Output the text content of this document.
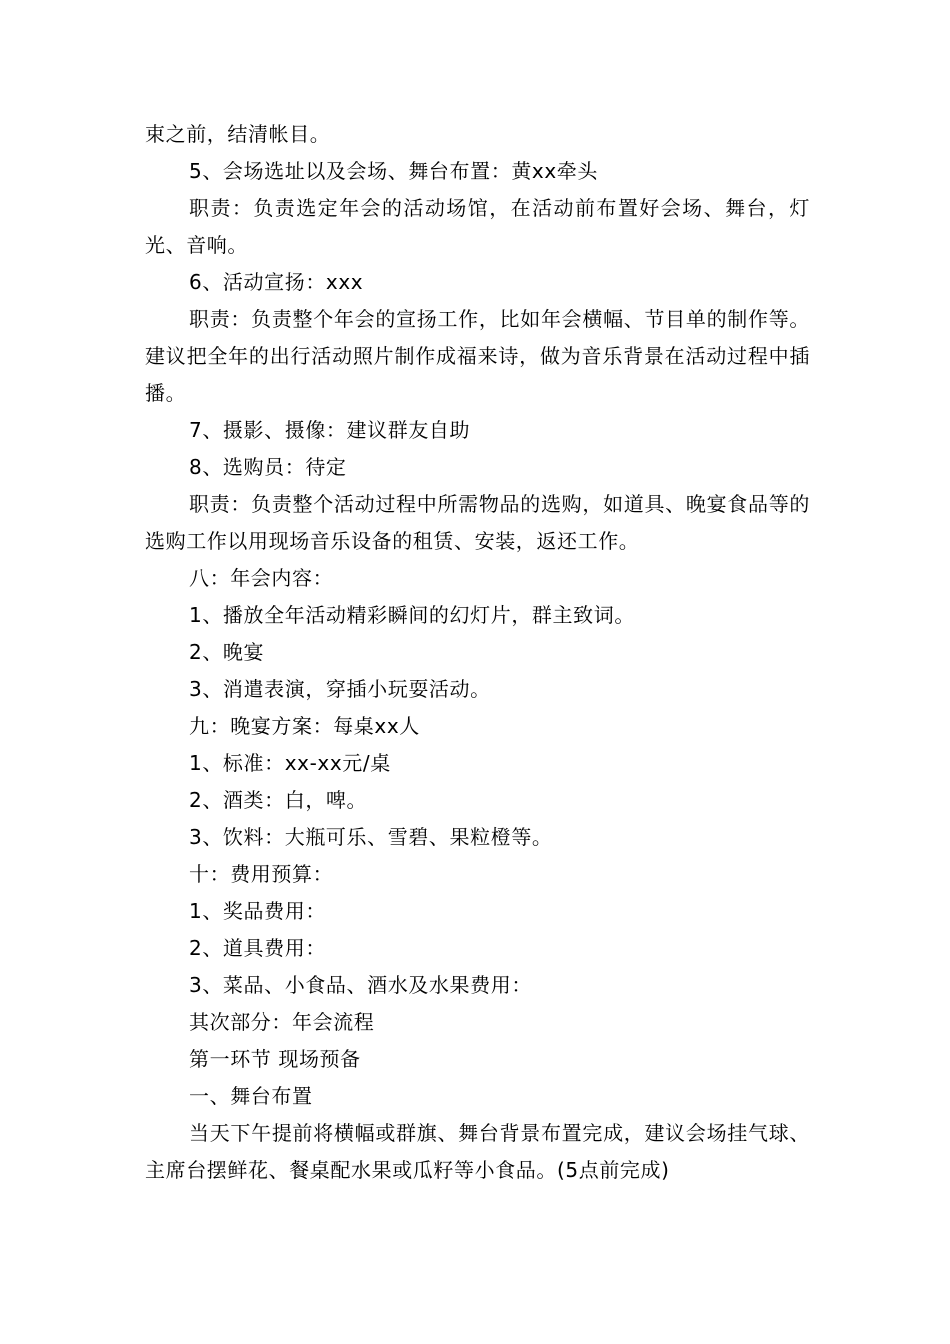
束之前，结清帐目。

5、会场选址以及会场、舞台布置：黄xx牵头

职责：负责选定年会的活动场馆，在活动前布置好会场、舞台，灯光、音响。

6、活动宣扬：xxx

职责：负责整个年会的宣扬工作，比如年会横幅、节目单的制作等。建议把全年的出行活动照片制作成福来诗，做为音乐背景在活动过程中插播。

7、摄影、摄像：建议群友自助

8、选购员：待定

职责：负责整个活动过程中所需物品的选购，如道具、晚宴食品等的选购工作以用现场音乐设备的租赁、安装，返还工作。

八：年会内容：

1、播放全年活动精彩瞬间的幻灯片，群主致词。

2、晚宴

3、消遣表演，穿插小玩耍活动。

九：晚宴方案：每桌xx人

1、标准：xx-xx元/桌

2、酒类：白，啤。

3、饮料：大瓶可乐、雪碧、果粒橙等。

十：费用预算：

1、奖品费用：

2、道具费用：

3、菜品、小食品、酒水及水果费用：

其次部分：年会流程

第一环节 现场预备

一、舞台布置

当天下午提前将横幅或群旗、舞台背景布置完成，建议会场挂气球、主席台摆鲜花、餐桌配水果或瓜籽等小食品。(5点前完成)
